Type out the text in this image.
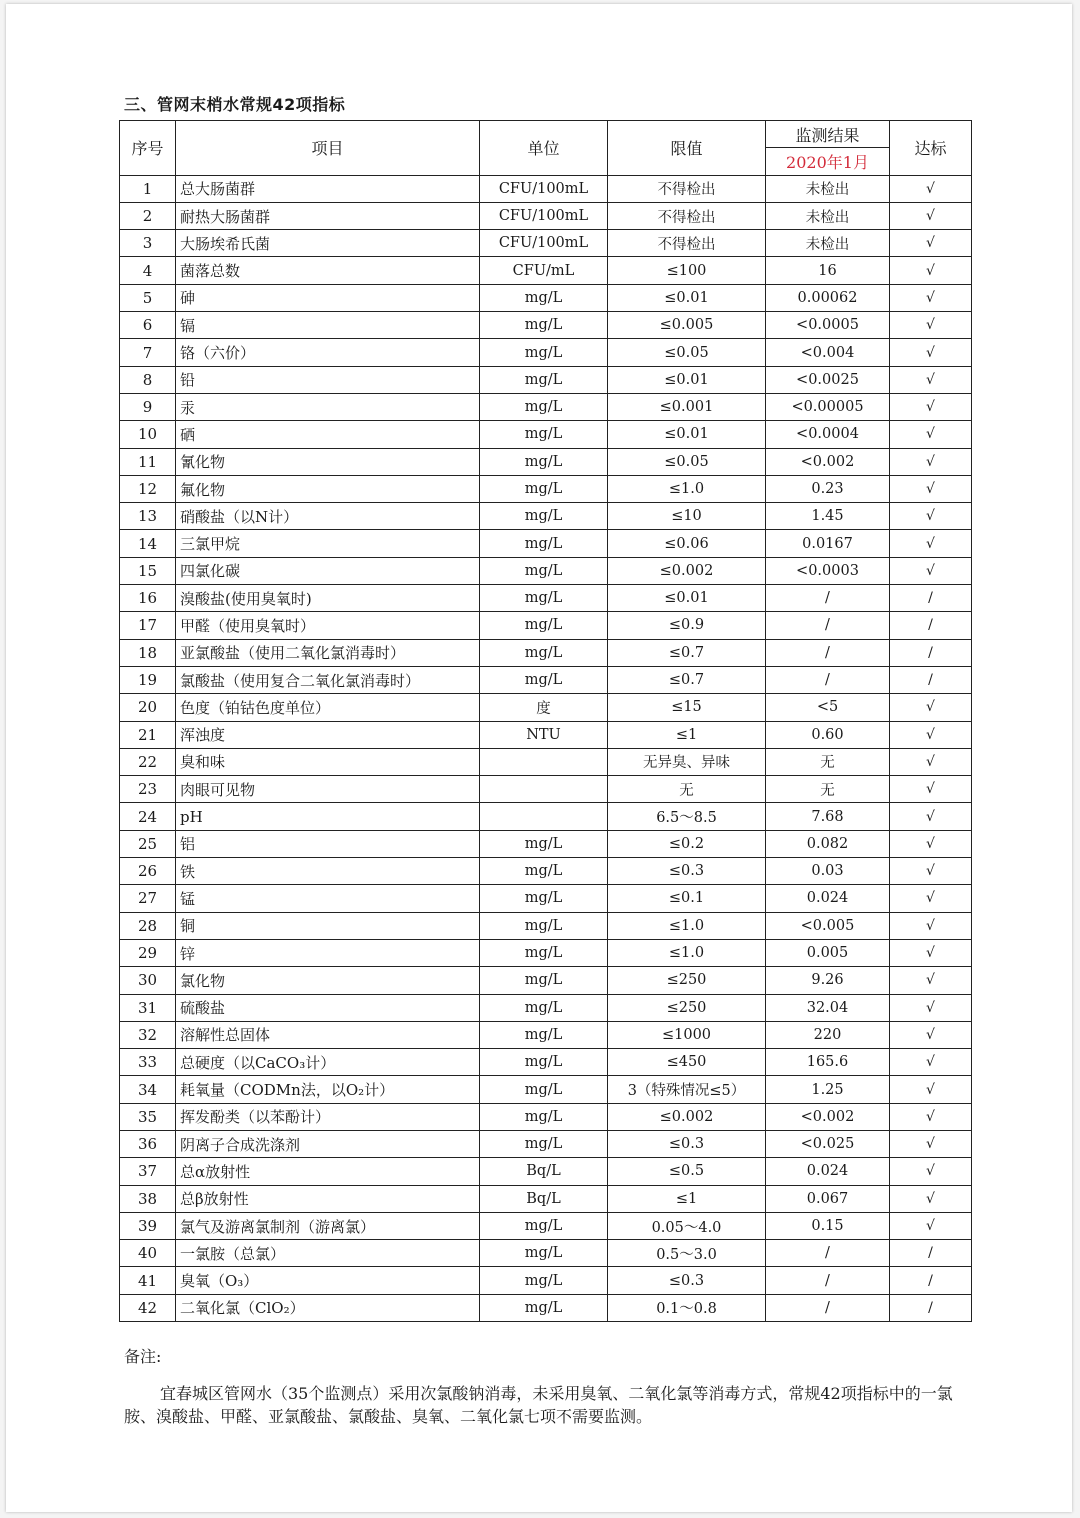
三、管网末梢水常规42项指标
序号	项目	单位	限值	监测结果	达标
				2020年1月	
1	总大肠菌群	CFU/100mL	不得检出	未检出	√
2	耐热大肠菌群	CFU/100mL	不得检出	未检出	√
3	大肠埃希氏菌	CFU/100mL	不得检出	未检出	√
4	菌落总数	CFU/mL	≤100	16	√
5	砷	mg/L	≤0.01	0.00062	√
6	镉	mg/L	≤0.005	<0.0005	√
7	铬（六价）	mg/L	≤0.05	<0.004	√
8	铅	mg/L	≤0.01	<0.0025	√
9	汞	mg/L	≤0.001	<0.00005	√
10	硒	mg/L	≤0.01	<0.0004	√
11	氰化物	mg/L	≤0.05	<0.002	√
12	氟化物	mg/L	≤1.0	0.23	√
13	硝酸盐（以N计）	mg/L	≤10	1.45	√
14	三氯甲烷	mg/L	≤0.06	0.0167	√
15	四氯化碳	mg/L	≤0.002	<0.0003	√
16	溴酸盐(使用臭氧时)	mg/L	≤0.01	/	/
17	甲醛（使用臭氧时）	mg/L	≤0.9	/	/
18	亚氯酸盐（使用二氧化氯消毒时）	mg/L	≤0.7	/	/
19	氯酸盐（使用复合二氧化氯消毒时）	mg/L	≤0.7	/	/
20	色度（铂钴色度单位）	度	≤15	<5	√
21	浑浊度	NTU	≤1	0.60	√
22	臭和味		无异臭、异味	无	√
23	肉眼可见物		无	无	√
24	pH		6.5～8.5	7.68	√
25	铝	mg/L	≤0.2	0.082	√
26	铁	mg/L	≤0.3	0.03	√
27	锰	mg/L	≤0.1	0.024	√
28	铜	mg/L	≤1.0	<0.005	√
29	锌	mg/L	≤1.0	0.005	√
30	氯化物	mg/L	≤250	9.26	√
31	硫酸盐	mg/L	≤250	32.04	√
32	溶解性总固体	mg/L	≤1000	220	√
33	总硬度（以CaCO₃计）	mg/L	≤450	165.6	√
34	耗氧量（CODMn法，以O₂计）	mg/L	3（特殊情况≤5）	1.25	√
35	挥发酚类（以苯酚计）	mg/L	≤0.002	<0.002	√
36	阴离子合成洗涤剂	mg/L	≤0.3	<0.025	√
37	总α放射性	Bq/L	≤0.5	0.024	√
38	总β放射性	Bq/L	≤1	0.067	√
39	氯气及游离氯制剂（游离氯）	mg/L	0.05～4.0	0.15	√
40	一氯胺（总氯）	mg/L	0.5～3.0	/	/
41	臭氧（O₃）	mg/L	≤0.3	/	/
42	二氧化氯（ClO₂）	mg/L	0.1～0.8	/	/
备注:
宜春城区管网水（35个监测点）采用次氯酸钠消毒，未采用臭氧、二氧化氯等消毒方式，常规42项指标中的一氯胺、溴酸盐、甲醛、亚氯酸盐、氯酸盐、臭氧、二氧化氯七项不需要监测。
